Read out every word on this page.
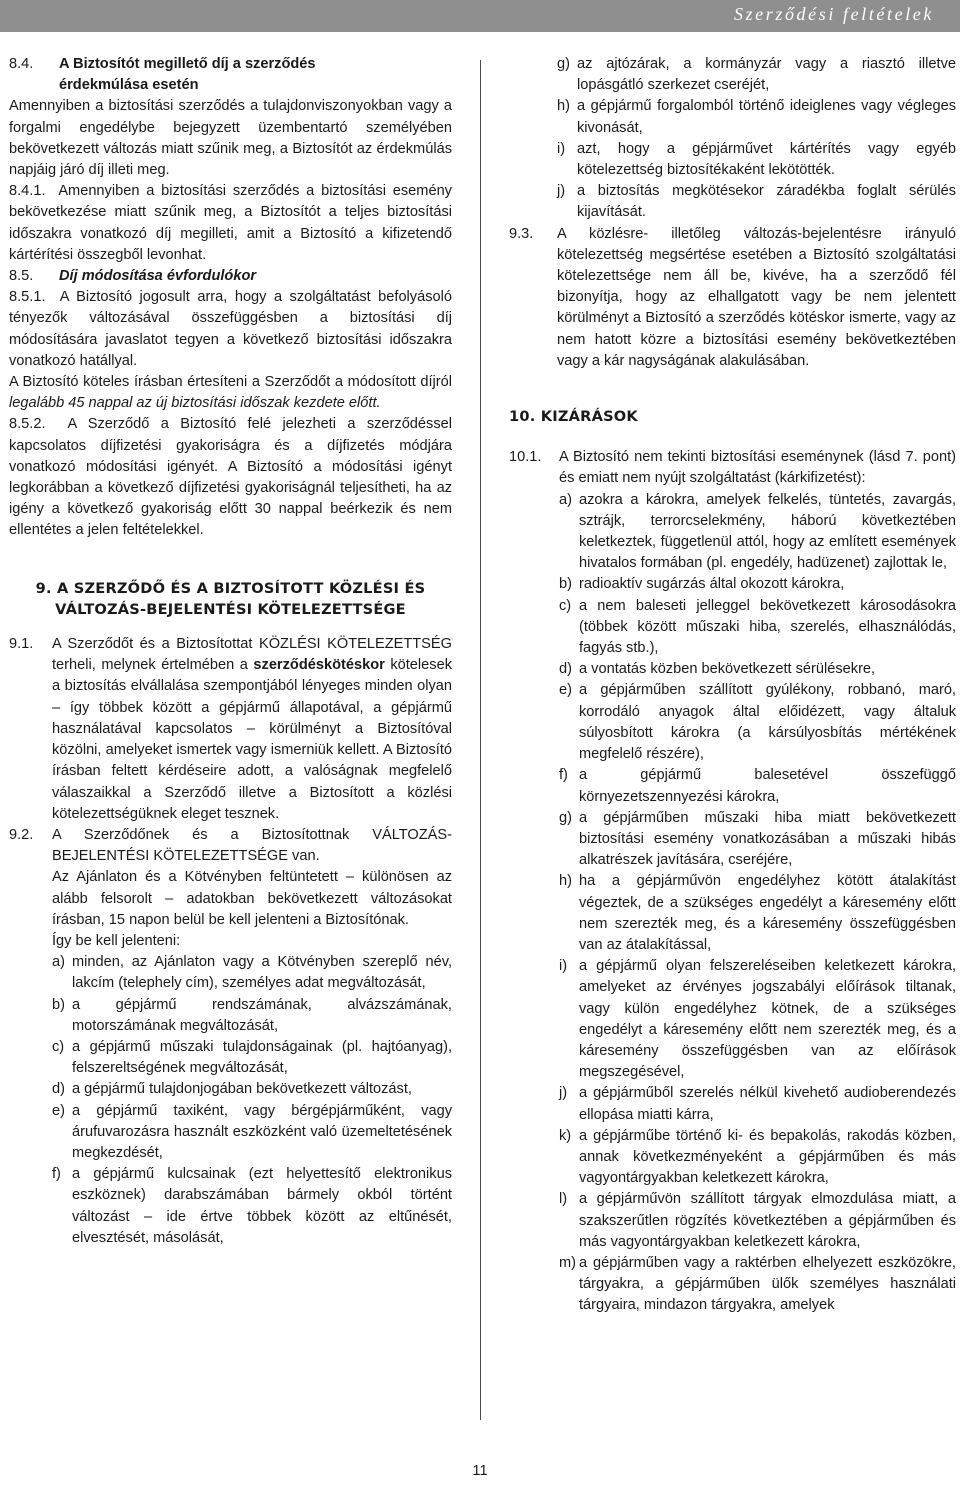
Szerződési feltételek
8.4.	A Biztosítót megillető díj a szerződés
érdekmúlása esetén
Amennyiben a biztosítási szerződés a tulajdonviszonyokban vagy a forgalmi engedélybe bejegyzett üzembentartó személyében bekövetkezett változás miatt szűnik meg, a Biztosítót az érdekmúlás napjáig járó díj illeti meg.
8.4.1. Amennyiben a biztosítási szerződés a biztosítási esemény bekövetkezése miatt szűnik meg, a Biztosítót a teljes biztosítási időszakra vonatkozó díj megilleti, amit a Biztosító a kifizetendő kártérítési összegből levonhat.
8.5.	Díj módosítása évfordulókor
8.5.1. A Biztosító jogosult arra, hogy a szolgáltatást befolyásoló tényezők változásával összefüggésben a biztosítási díj módosítására javaslatot tegyen a következő biztosítási időszakra vonatkozó hatállyal.
A Biztosító köteles írásban értesíteni a Szerződőt a módosított díjról legalább 45 nappal az új biztosítási időszak kezdete előtt.
8.5.2. A Szerződő a Biztosító felé jelezheti a szerződéssel kapcsolatos díjfizetési gyakoriságra és a díjfizetés módjára vonatkozó módosítási igényét. A Biztosító a módosítási igényt legkorábban a következő díjfizetési gyakoriságnál teljesítheti, ha az igény a következő gyakoriság előtt 30 nappal beérkezik és nem ellentétes a jelen feltételekkel.
9. A SZERZŐDŐ ÉS A BIZTOSÍTOTT KÖZLÉSI ÉS
VÁLTOZÁS-BEJELENTÉSI KÖTELEZETTSÉGE
9.1.	A Szerződőt és a Biztosítottat KÖZLÉSI KÖTELEZETTSÉG terheli, melynek értelmében a szerződéskötéskor kötelesek a biztosítás elvállalása szempontjából lényeges minden olyan – így többek között a gépjármű állapotával, a gépjármű használatával kapcsolatos – körülményt a Biztosítóval közölni, amelyeket ismertek vagy ismerniük kellett. A Biztosító írásban feltett kérdéseire adott, a valóságnak megfelelő válaszaikkal a Szerződő illetve a Biztosított a közlési kötelezettségüknek eleget tesznek.
9.2.	A Szerződőnek és a Biztosítottnak VÁLTOZÁS-BEJELENTÉSI KÖTELEZETTSÉGE van.
Az Ajánlaton és a Kötvényben feltüntetett – különösen az alább felsorolt – adatokban bekövetkezett változásokat írásban, 15 napon belül be kell jelenteni a Biztosítónak.
Így be kell jelenteni:
a) minden, az Ajánlaton vagy a Kötvényben szereplő név, lakcím (telephely cím), személyes adat megváltozását,
b) a gépjármű rendszámának, alvázszámának, motorszámának megváltozását,
c) a gépjármű műszaki tulajdonságainak (pl. hajtóanyag), felszereltségének megváltozását,
d) a gépjármű tulajdonjogában bekövetkezett változást,
e) a gépjármű taxiként, vagy bérgépjárműként, vagy árufuvarozásra használt eszközként való üzemeltetésének megkezdését,
f) a gépjármű kulcsainak (ezt helyettesítő elektronikus eszköznek) darabszámában bármely okból történt változást – ide értve többek között az eltűnését, elvesztését, másolását,
g) az ajtózárak, a kormányzár vagy a riasztó illetve lopásgátló szerkezet cseréjét,
h) a gépjármű forgalomból történő ideiglenes vagy végleges kivonását,
i) azt, hogy a gépjárművet kártérítés vagy egyéb kötelezettség biztosítékaként lekötötték.
j) a biztosítás megkötésekor záradékba foglalt sérülés kijavítását.
9.3.	A közlésre- illetőleg változás-bejelentésre irányuló kötelezettség megsértése esetében a Biztosító szolgáltatási kötelezettsége nem áll be, kivéve, ha a szerződő fél bizonyítja, hogy az elhallgatott vagy be nem jelentett körülményt a Biztosító a szerződés kötéskor ismerte, vagy az nem hatott közre a biztosítási esemény bekövetkeztében vagy a kár nagyságának alakulásában.
10. KIZÁRÁSOK
10.1.	A Biztosító nem tekinti biztosítási eseménynek (lásd 7. pont) és emiatt nem nyújt szolgáltatást (kárkifizetést):
a) azokra a károkra, amelyek felkelés, tüntetés, zavargás, sztrájk, terrorcselekmény, háború következtében keletkeztek, függetlenül attól, hogy az említett események hivatalos formában (pl. engedély, hadüzenet) zajlottak le,
b) radioaktív sugárzás által okozott károkra,
c) a nem baleseti jelleggel bekövetkezett károsodásokra (többek között műszaki hiba, szerelés, elhasználódás, fagyás stb.),
d) a vontatás közben bekövetkezett sérülésekre,
e) a gépjárműben szállított gyúlékony, robbanó, maró, korrodáló anyagok által előidézett, vagy általuk súlyosbított károkra (a kársúlyosbítás mértékének megfelelő részére),
f) a gépjármű balesetével összefüggő környezetszennyezési károkra,
g) a gépjárműben műszaki hiba miatt bekövetkezett biztosítási esemény vonatkozásában a műszaki hibás alkatrészek javítására, cseréjére,
h) ha a gépjárművön engedélyhez kötött átalakítást végeztek, de a szükséges engedélyt a káresemény előtt nem szerezték meg, és a káresemény összefüggésben van az átalakítással,
i) a gépjármű olyan felszereléseiben keletkezett károkra, amelyeket az érvényes jogszabályi előírások tiltanak, vagy külön engedélyhez kötnek, de a szükséges engedélyt a káresemény előtt nem szerezték meg, és a káresemény összefüggésben van az előírások megszegésével,
j) a gépjárműből szerelés nélkül kivehető audioberendezés ellopása miatti kárra,
k) a gépjárműbe történő ki- és bepakolás, rakodás közben, annak következményeként a gépjárműben és más vagyontárgyakban keletkezett károkra,
l) a gépjárművön szállított tárgyak elmozdulása miatt, a szakszerűtlen rögzítés következtében a gépjárműben és más vagyontárgyakban keletkezett károkra,
m) a gépjárműben vagy a raktérben elhelyezett eszközökre, tárgyakra, a gépjárműben ülők személyes használati tárgyaira, mindazon tárgyakra, amelyek
11
